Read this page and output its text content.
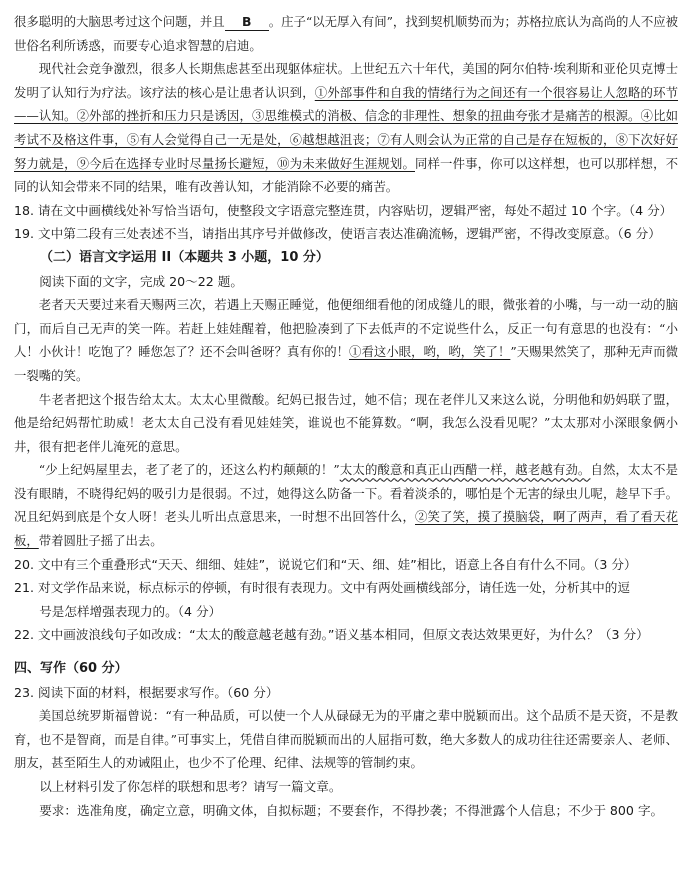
很多聪明的大脑思考过这个问题，并且 B 。庄子“以无厚入有间”，找到契机顺势而为；苏格拉底认为高尚的人不应被世俗名利所诱惑，而要专心追求智慧的启迪。

现代社会竞争激烈，很多人长期焦虑甚至出现躯体症状。上世纪五六十年代，美国的阿尔伯特·埃利斯和亚伦贝克博士发明了认知行为疗法。该疗法的核心是让患者认识到，①外部事件和自我的情绪行为之间还有一个很容易让人忽略的环节——认知。②外部的挫折和压力只是诱因，③思维模式的消极、信念的非理性、想象的扭曲夸张才是痛苦的根源。④比如考试不及格这件事，⑤有人会觉得自己一无是处，⑥越想越沮丧；⑦有人则会认为正常的自己是存在短板的，⑧下次好好努力就是，⑨今后在选择专业时尽量扬长避短，⑩为未来做好生涯规划。同样一件事，你可以这样想，也可以那样想，不同的认知会带来不同的结果，唯有改善认知，才能消除不必要的痛苦。

18. 请在文中画横线处补写恰当语句，使整段文字语意完整连贯，内容贴切，逻辑严密，每处不超过 10 个字。（4 分）

19. 文中第二段有三处表述不当，请指出其序号并做修改，使语言表达准确流畅，逻辑严密，不得改变原意。（6 分）

（二）语言文字运用 II（本题共 3 小题，10 分）

阅读下面的文字，完成 20～22 题。

老者天天要过来看天赐两三次，若遇上天赐正睡觉，他便细细看他的闭成缝儿的眼，微张着的小嘴，与一动一动的脑门，而后自己无声的笑一阵。若赶上娃娃醒着，他把脸凑到了下去低声的不定说些什么，反正一句有意思的也没有：“小人！小伙计！吃饱了？睡您怎了？还不会叫爸呀？真有你的！①看这小眼，哟，哟，笑了！”天赐果然笑了，那种无声而微一裂嘴的笑。

牛老者把这个报告给太太。太太心里微酸。纪妈已报告过，她不信；现在老伴儿又来这么说，分明他和奶妈联了盟，他是给纪妈帮忙助威！老太太自己没有看见娃娃笑，谁说也不能算数。“啊，我怎么没看见呢？”太太那对小深眼象俩小井，很有把老伴儿淹死的意思。

“少上纪妈屋里去，老了老了的，还这么杓杓颠颠的！”太太的酸意和真正山西醋一样，越老越有劲。自然，太太不是没有眼睛，不晓得纪妈的吸引力是很弱。不过，她得这么防备一下。看着淡杀的，哪怕是个无害的绿虫儿呢，趁早下手。况且纪妈到底是个女人呀！老头儿听出点意思来，一时想不出回答什么，②笑了笑，摸了摸脑袋，啊了两声，看了看天花板，带着圆肚子摇了出去。

20. 文中有三个重叠形式“天天、细细、娃娃”，说说它们和“天、细、娃”相比，语意上各自有什么不同。（3 分）

21. 对文学作品来说，标点标示的停顿，有时很有表现力。文中有两处画横线部分，请任选一处，分析其中的逗

号是怎样增强表现力的。（4 分）

22. 文中画波浪线句子如改成：“太太的酸意越老越有劲。”语义基本相同，但原文表达效果更好，为什么？（3 分）

四、写作（60 分）

23. 阅读下面的材料，根据要求写作。（60 分）

美国总统罗斯福曾说：“有一种品质，可以使一个人从碌碌无为的平庸之辈中脱颖而出。这个品质不是天资，不是教育，也不是智商，而是自律。”可事实上，凭借自律而脱颖而出的人屈指可数，绝大多数人的成功往往还需要亲人、老师、朋友，甚至陌生人的劝诫阻止，也少不了伦理、纪律、法规等的管制约束。

以上材料引发了你怎样的联想和思考？请写一篇文章。

要求：选准角度，确定立意，明确文体，自拟标题；不要套作，不得抄袭；不得泄露个人信息；不少于 800 字。
